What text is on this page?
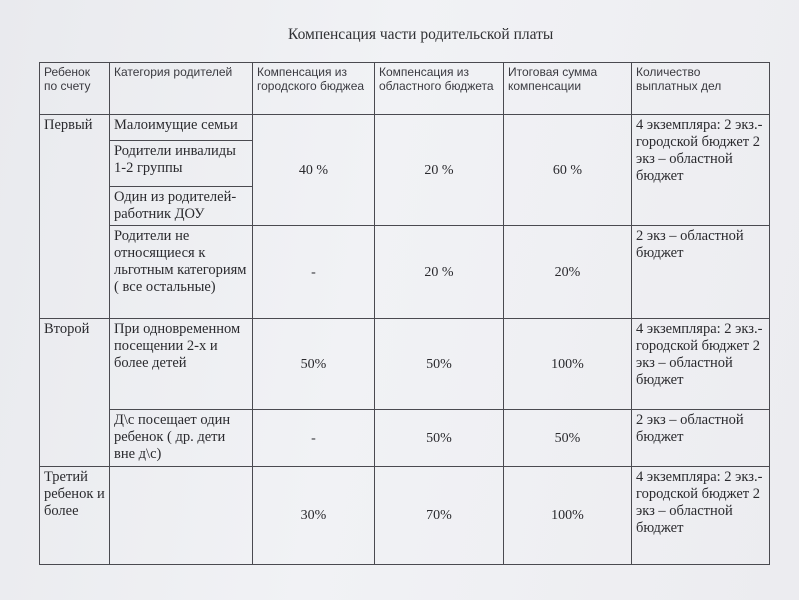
Компенсация части родительской платы
Ребенок по счету	Категория родителей	Компенсация из городского бюджеа	Компенсация из областного бюджета	Итоговая сумма компенсации	Количество выплатных дел
Первый	Малоимущие семьи	40 %	20 %	60 %	4 экземпляра: 2 экз.- городской бюджет 2 экз – областной бюджет
	Родители инвалиды 1-2 группы				
	Один из родителей-работник ДОУ				
	Родители не относящиеся к льготным категориям ( все остальные)	-	20 %	20%	2 экз – областной бюджет
Второй	При одновременном посещении 2-х и более детей	50%	50%	100%	4 экземпляра: 2 экз.- городской бюджет 2 экз – областной бюджет
	Д\с посещает один ребенок ( др. дети вне д\с)	-	50%	50%	2 экз – областной бюджет
Третий ребенок и более		30%	70%	100%	4 экземпляра: 2 экз.- городской бюджет 2 экз – областной бюджет
